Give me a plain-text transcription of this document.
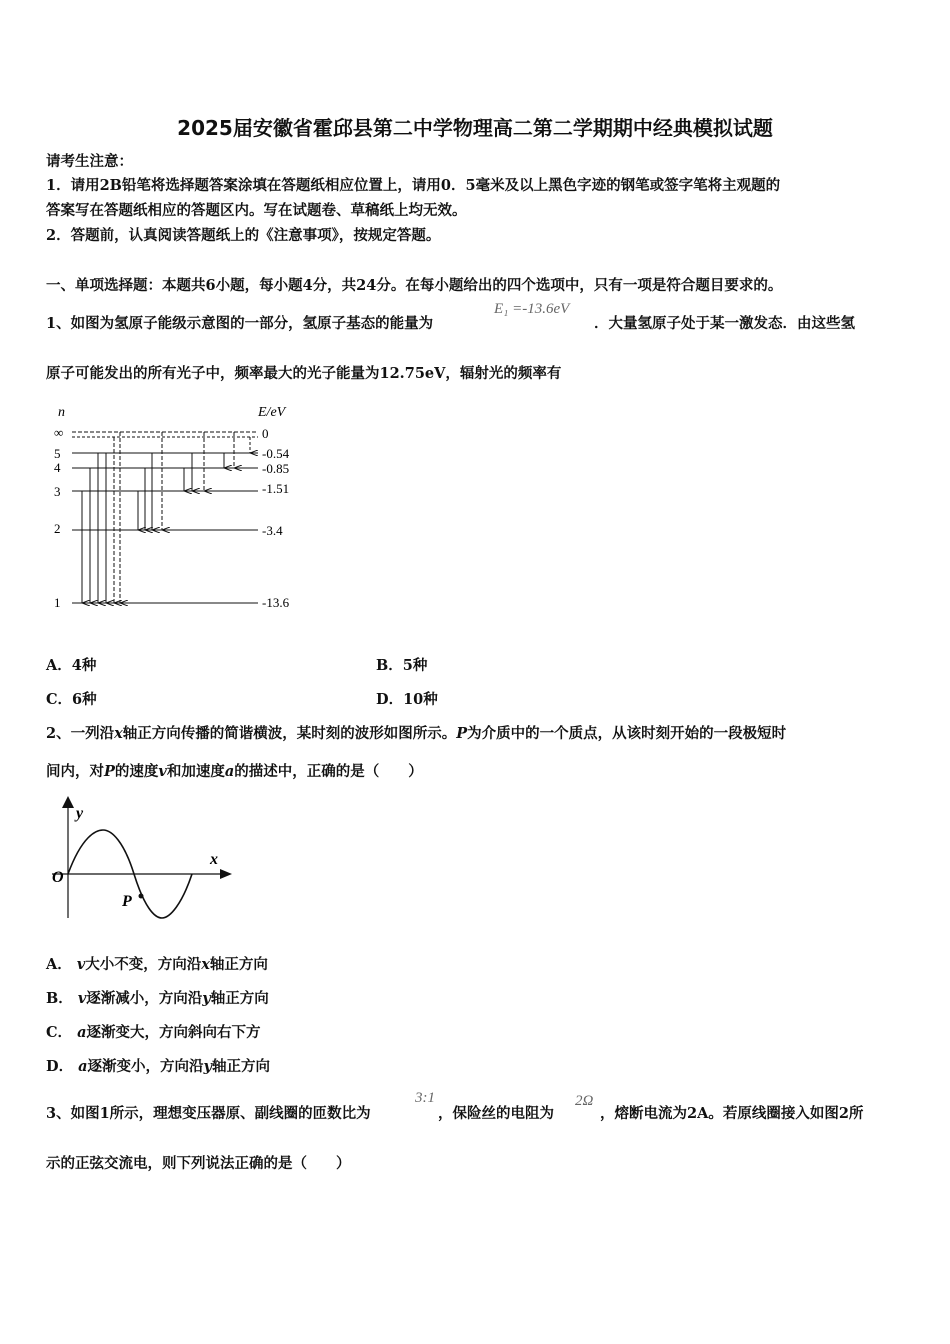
2025届安徽省霍邱县第二中学物理高二第二学期期中经典模拟试题
请考生注意：
1．请用2B铅笔将选择题答案涂填在答题纸相应位置上，请用0．5毫米及以上黑色字迹的钢笔或签字笔将主观题的
答案写在答题纸相应的答题区内。写在试题卷、草稿纸上均无效。
2．答题前，认真阅读答题纸上的《注意事项》，按规定答题。
一、单项选择题：本题共6小题，每小题4分，共24分。在每小题给出的四个选项中，只有一项是符合题目要求的。
1、如图为氢原子能级示意图的一部分，氢原子基态的能量为
E₁ =-13.6eV
．大量氢原子处于某一激发态．由这些氢
原子可能发出的所有光子中，频率最大的光子能量为12.75eV，辐射光的频率有
n	E/eV
∞
5
4
3
2
1
0
-0.54
-0.85
-1.51
-3.4
-13.6
A．4种	B．5种
C．6种	D．10种
2、一列沿x轴正方向传播的简谐横波，某时刻的波形如图所示。P为介质中的一个质点，从该时刻开始的一段极短时
间内，对P的速度v和加速度a的描述中，正确的是（　　）
y
x
O
P
A． v大小不变，方向沿x轴正方向
B． v逐渐减小，方向沿y轴正方向
C． a逐渐变大，方向斜向右下方
D． a逐渐变小，方向沿y轴正方向
3、如图1所示，理想变压器原、副线圈的匝数比为
3:1
，保险丝的电阻为
2Ω
，熔断电流为2A。若原线圈接入如图2所
示的正弦交流电，则下列说法正确的是（　　）
